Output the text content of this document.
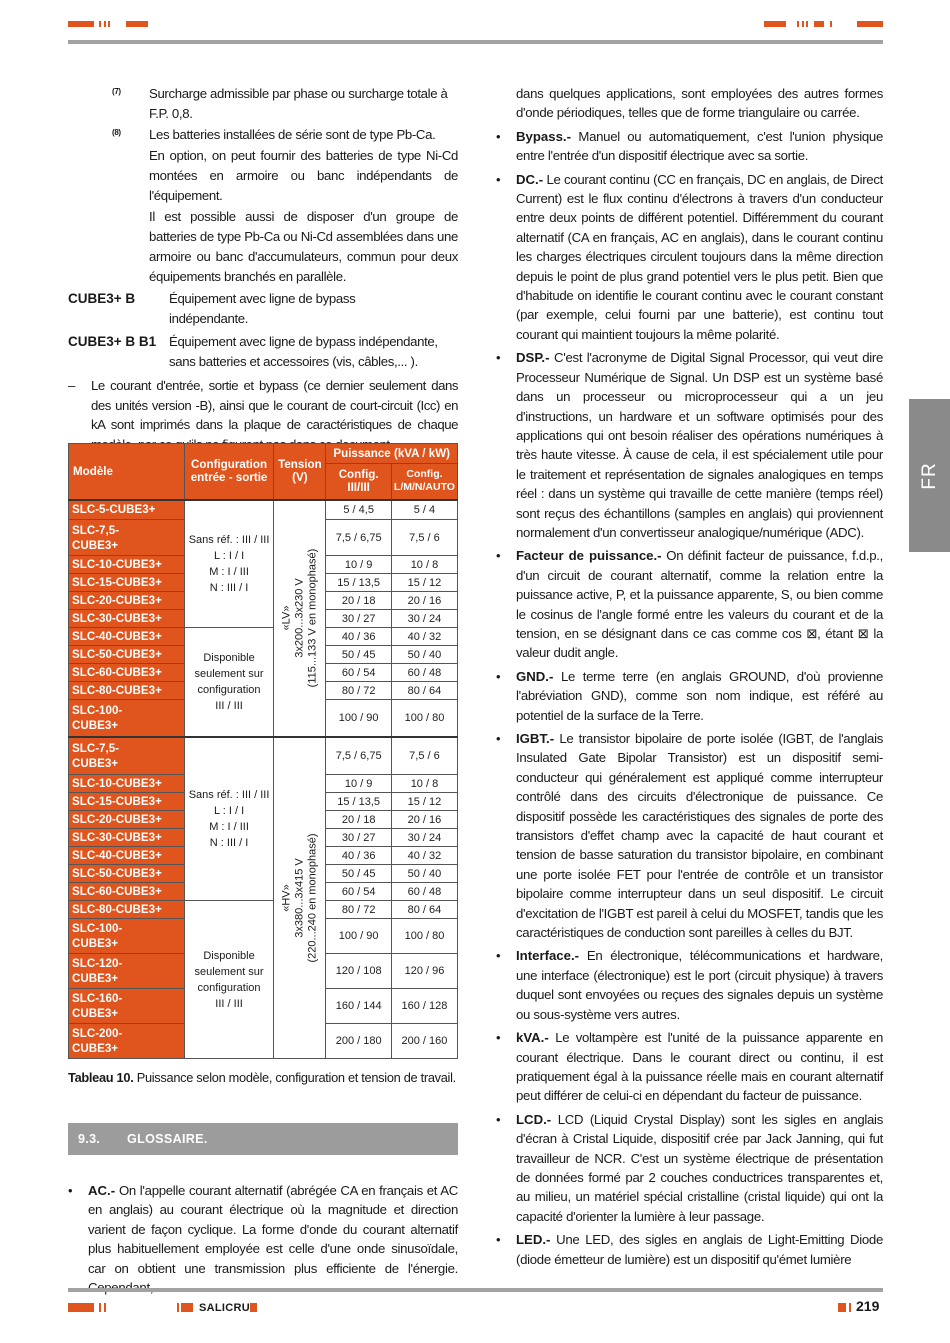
FR
(7) Surcharge admissible par phase ou surcharge totale à F.P. 0,8.

(8) Les batteries installées de série sont de type Pb-Ca.

En option, on peut fournir des batteries de type Ni-Cd montées en armoire ou banc indépendants de l'équipement.

Il est possible aussi de disposer d'un groupe de batteries de type Pb-Ca ou Ni-Cd assemblées dans une armoire ou banc d'accumulateurs, commun pour deux équipements branchés en parallèle.

CUBE3+ B	Équipement avec ligne de bypass indépendante.
CUBE3+ B B1 Équipement avec ligne de bypass indépendante, sans batteries et accessoires (vis, câbles,... ).
– Le courant d'entrée, sortie et bypass (ce dernier seulement dans des unités version -B), ainsi que le courant de court-circuit (Icc) en kA sont imprimés dans la plaque de caractéristiques de chaque
Modèle	Configuration entrée - sortie	Tension (V)	Puissance (kVA / kW)	
			Config. III/III	Config. L/M/N/AUTO

SLC-5-CUBE3+	Sans réf. : III / III
L : I / I
M : I / III
N : III / I	«LV» 3x200...3x230 V (115...133 V en monophasé)	5 / 4,5	5 / 4

SLC-7,5-
CUBE3+			7,5 / 6,75	7,5 / 6

SLC-10-CUBE3+			10 / 9	10 / 8

SLC-15-CUBE3+			15 / 13,5	15 / 12

SLC-20-CUBE3+			20 / 18	20 / 16

SLC-30-CUBE3+			30 / 27	30 / 24

SLC-40-CUBE3+	Disponible
seulement sur
configuration
III / III		40 / 36	40 / 32

SLC-50-CUBE3+			50 / 45	50 / 40

SLC-60-CUBE3+			60 / 54	60 / 48

SLC-80-CUBE3+			80 / 72	80 / 64

SLC-100-
CUBE3+			100 / 90	100 / 80

SLC-7,5-
CUBE3+	Sans réf. : III / III
L : I / I
M : I / III
N : III / I	«HV» 3x380...3x415 V (220...240 en monophasé)	7,5 / 6,75	7,5 / 6

SLC-10-CUBE3+			10 / 9	10 / 8

SLC-15-CUBE3+			15 / 13,5	15 / 12

SLC-20-CUBE3+			20 / 18	20 / 16

SLC-30-CUBE3+			30 / 27	30 / 24

SLC-40-CUBE3+			40 / 36	40 / 32

SLC-50-CUBE3+			50 / 45	50 / 40

SLC-60-CUBE3+			60 / 54	60 / 48

SLC-80-CUBE3+	Disponible
seulement sur
configuration
III / III		80 / 72	80 / 64

SLC-100-
CUBE3+			100 / 90	100 / 80

SLC-120-
CUBE3+			120 / 108	120 / 96

SLC-160-
CUBE3+			160 / 144	160 / 128

SLC-200-
CUBE3+			200 / 180	200 / 160
Tableau 10. Puissance selon modèle, configuration et tension de travail.
9.3. GLOSSAIRE.
• AC.- On l'appelle courant alternatif (abrégée CA en français et AC en anglais) au courant électrique où la magnitude et direction varient de façon cyclique. La forme d'onde du courant alternatif plus habituellement employée est celle d'une onde sinusoïdale, car on obtient une transmission plus efficiente de l'énergie.
dans quelques applications, sont employées des autres formes d'onde périodiques, telles que de forme triangulaire ou carrée.
• Bypass.- Manuel ou automatiquement, c'est l'union physique entre l'entrée d'un dispositif électrique avec sa sortie.
• DC.- Le courant continu (CC en français, DC en anglais, de Direct Current) est le flux continu d'électrons à travers d'un conducteur entre deux points de différent potentiel. Différemment du courant alternatif (CA en français, AC en anglais), dans le courant continu les charges électriques circulent toujours dans la même direction depuis le point de plus grand potentiel vers le plus petit. Bien que d'habitude on identifie le courant continu avec le courant constant (par exemple, celui fourni par une batterie), est continu tout courant qui maintient toujours la même polarité.
• DSP.- C'est l'acronyme de Digital Signal Processor, qui veut dire Processeur Numérique de Signal. Un DSP est un système basé dans un processeur ou microprocesseur qui a un jeu d'instructions, un hardware et un software optimisés pour des applications qui ont besoin réaliser des opérations numériques à très haute vitesse. À cause de cela, il est spécialement utile pour le traitement et représentation de signales analogiques en temps réel : dans un système qui travaille de cette manière (temps réel) sont reçus des échantillons (samples en anglais) qui proviennent normalement d'un convertisseur analogique/numérique (ADC).
• Facteur de puissance.- On définit facteur de puissance, f.d.p., d'un circuit de courant alternatif, comme la relation entre la puissance active, P, et la puissance apparente, S, ou bien comme le cosinus de l'angle formé entre les valeurs du courant et de la tension, en se désignant dans ce cas comme cos ⊠, étant ⊠ la valeur dudit angle.
• GND.- Le terme terre (en anglais GROUND, d'où provienne l'abréviation GND), comme son nom indique, est référé au potentiel de la surface de la Terre.
• IGBT.- Le transistor bipolaire de porte isolée (IGBT, de l'anglais Insulated Gate Bipolar Transistor) est un dispositif semi-conducteur qui généralement est appliqué comme interrupteur contrôlé dans des circuits d'électronique de puissance. Ce dispositif possède les caractéristiques des signales de porte des transistors d'effet champ avec la capacité de haut courant et tension de basse saturation du transistor bipolaire, en combinant une porte isolée FET pour l'entrée de contrôle et un transistor bipolaire comme interrupteur dans un seul dispositif. Le circuit d'excitation de l'IGBT est pareil à celui du MOSFET, tandis que les caractéristiques de conduction sont pareilles à celles du BJT.
• Interface.- En électronique, télécommunications et hardware, une interface (électronique) est le port (circuit physique) à travers duquel sont envoyées ou reçues des signales depuis un système ou sous-système vers autres.
• kVA.- Le voltampère est l'unité de la puissance apparente en courant électrique. Dans le courant direct ou continu, il est pratiquement égal à la puissance réelle mais en courant alternatif peut différer de celui-ci en dépendant du facteur de puissance.
• LCD.- LCD (Liquid Crystal Display) sont les sigles en anglais d'écran à Cristal Liquide, dispositif crée par Jack Janning, qui fut travailleur de NCR. C'est un système électrique de présentation de données formé par 2 couches conductrices transparentes et, au milieu, un matériel spécial cristalline (cristal liquide) qui ont la capacité d'orienter la lumière à leur passage.
• LED.- Une LED, des sigles en anglais de Light-Emitting Diode (diode émetteur de lumière) est un dispositif qu'émet lumière
SALICRU	219
